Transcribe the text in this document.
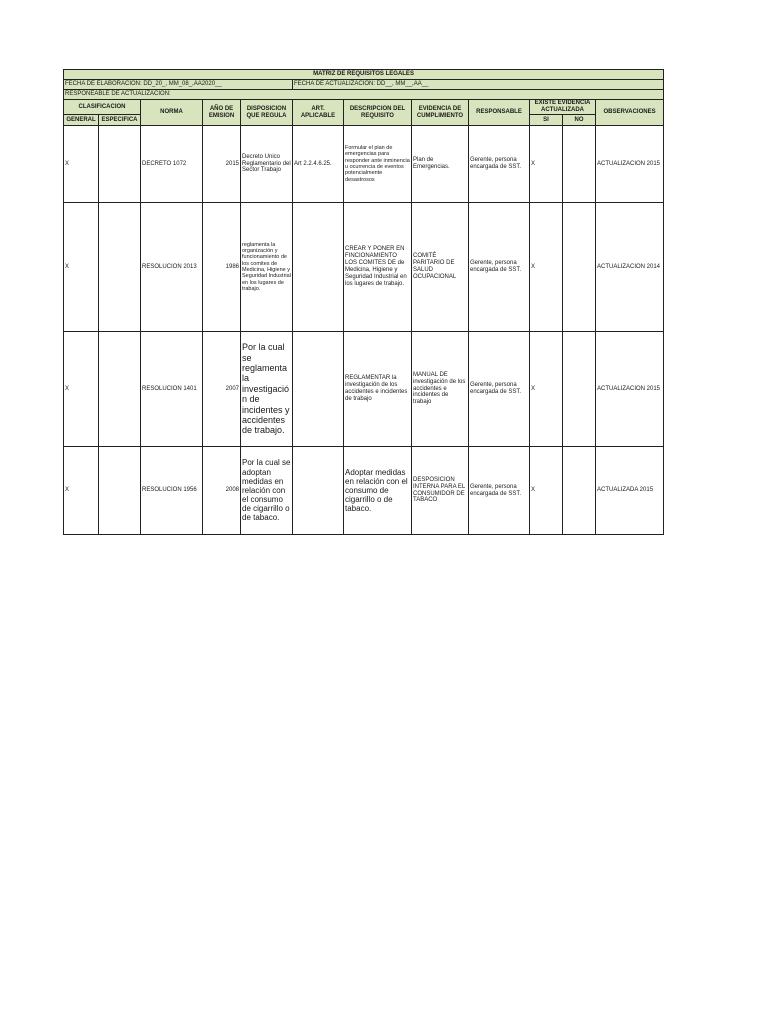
MATRIZ DE REQUISITOS LEGALES											
FECHA DE ELABORACION: DD_20_, MM_08_,AA2020__					FECHA DE ACTUALIZACION: DD__, MM__,AA__						
RESPONEABLE DE ACTUALIZACION:											
CLASIFICACION		NORMA	AÑO DE EMISION	DISPOSICION QUE REGULA	ART. APLICABLE	DESCRIPCION DEL REQUISITO	EVIDENCIA DE CUMPLIMIENTO	RESPONSABLE	EXISTE EVIDENCIA ACTUALIZADA		OBSERVACIONES
GENERAL	ESPECIFICA								SI	NO	
X		DECRETO 1072	2015	Decreto Unico Reglamentario del Sector Trabajo	Art 2.2.4.6.25.	Formular el plan de emergencias para responder ante inminencia u ocurrencia de eventos potencialmente desastrosos	Plan de Emergencias.	Gerente, persona encargada de SST.	X		ACTUALIZACION 2015
X		RESOLUCION 2013	1986	reglamenta la organización y funcionamiento de los comites de Medicina, Higiene y Seguridad Industrial en los lugares de trabajo.		CREAR Y PONER EN FINCIONAMIENTO LOS COMITES DE de Medicina, Higiene y Seguridad Industrial en los lugares de trabajo.	COMITÉ PARITARIO DE SALUD OCUPACIONAL	Gerente, persona encargada de SST.	X		ACTUALIZACION 2014
X		RESOLUCION 1401	2007	Por la cual se reglamenta la investigación de incidentes y accidentes de trabajo.		REGLAMENTAR la investigación de los accidentes e incidentes de trabajo	MANUAL DE investigación de los accidentes e incidentes de trabajo	Gerente, persona encargada de SST.	X		ACTUALIZACION 2015
X		RESOLUCION 1956	2008	Por la cual se adoptan medidas en relación con el consumo de cigarrillo o de tabaco.		Adoptar medidas en relación con el consumo de cigarrillo o de tabaco.	DESPOSICION INTERNA PARA EL CONSUMIDOR DE TABACO	Gerente, persona encargada de SST.	X		ACTUALIZADA 2015
